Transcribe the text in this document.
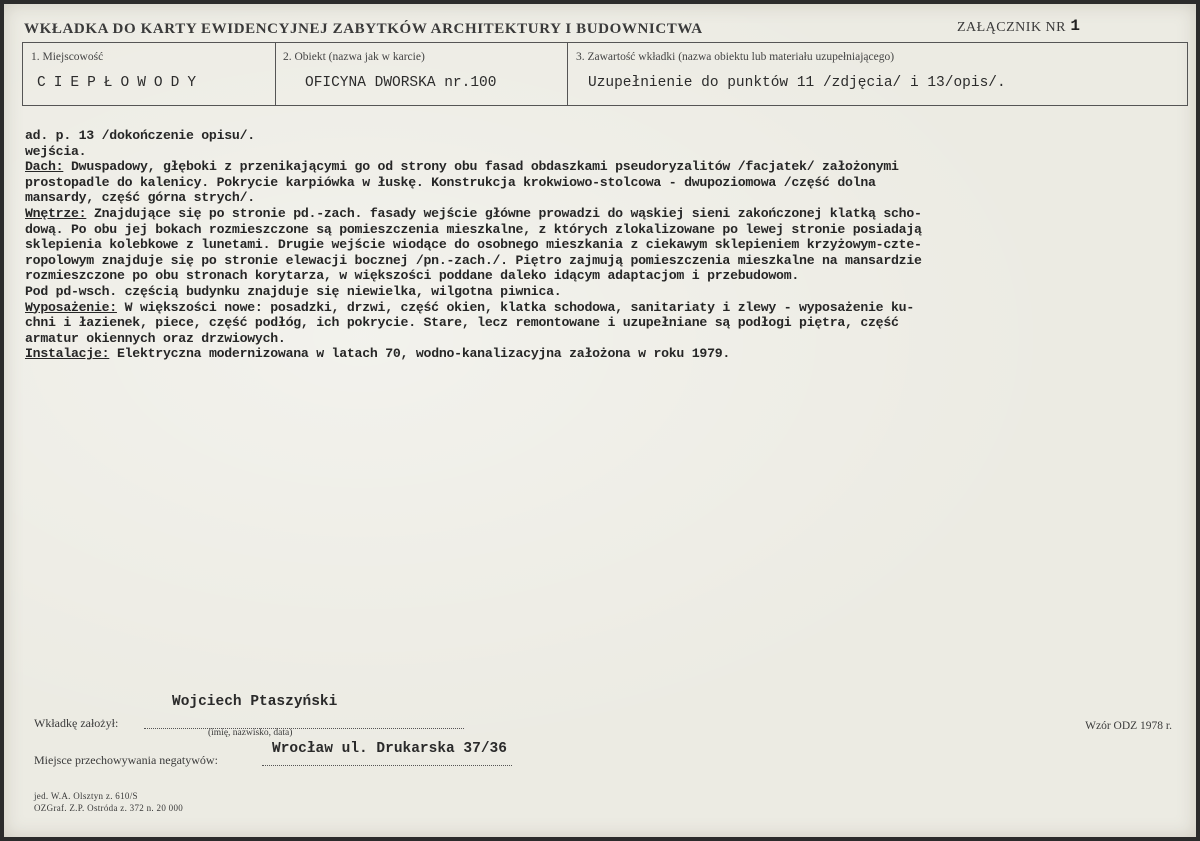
WKŁADKA DO KARTY EWIDENCYJNEJ ZABYTKÓW ARCHITEKTURY I BUDOWNICTWA	ZAŁĄCZNIK NR 1
1. Miejscowość
CIEPŁOWODY
2. Obiekt (nazwa jak w karcie)
OFICYNA DWORSKA nr.100
3. Zawartość wkładki (nazwa obiektu lub materiału uzupełniającego)
Uzupełnienie do punktów 11 /zdjęcia/ i 13/opis/.
ad. p. 13 /dokończenie opisu/.
wejścia.
Dach: Dwuspadowy, głęboki z przenikającymi go od strony obu fasad obdaszkami pseudoryzalitów /facjatek/ założonymi
prostopadle do kalenicy. Pokrycie karpiówka w łuskę. Konstrukcja krokwiowo-stolcowa - dwupoziomowa /część dolna
mansardy, część górna strych/.
Wnętrze: Znajdujące się po stronie pd.-zach. fasady wejście główne prowadzi do wąskiej sieni zakończonej klatką scho-
dową. Po obu jej bokach rozmieszczone są pomieszczenia mieszkalne, z których zlokalizowane po lewej stronie posiadają
sklepienia kolebkowe z lunetami. Drugie wejście wiodące do osobnego mieszkania z ciekawym sklepieniem krzyżowym-czte-
ropolowym znajduje się po stronie elewacji bocznej /pn.-zach./. Piętro zajmują pomieszczenia mieszkalne na mansardzie
rozmieszczone po obu stronach korytarza, w większości poddane daleko idącym adaptacjom i przebudowom.
Pod pd-wsch. częścią budynku znajduje się niewielka, wilgotna piwnica.
Wyposażenie: W większości nowe: posadzki, drzwi, część okien, klatka schodowa, sanitariaty i zlewy - wyposażenie ku-
chni i łazienek, piece, część podłóg, ich pokrycie. Stare, lecz remontowane i uzupełniane są podłogi piętra, część
armatur okiennych oraz drzwiowych.
Instalacje: Elektryczna modernizowana w latach 70, wodno-kanalizacyjna założona w roku 1979.
Wojciech Ptaszyński
Wkładkę założył:
(imię, nazwisko, data)
Wrocław ul. Drukarska 37/36
Miejsce przechowywania negatywów:
Wzór ODZ 1978 r.
jed. W.A. Olsztyn z. 610/S
OZGraf. Z.P. Ostróda z. 372 n. 20 000
